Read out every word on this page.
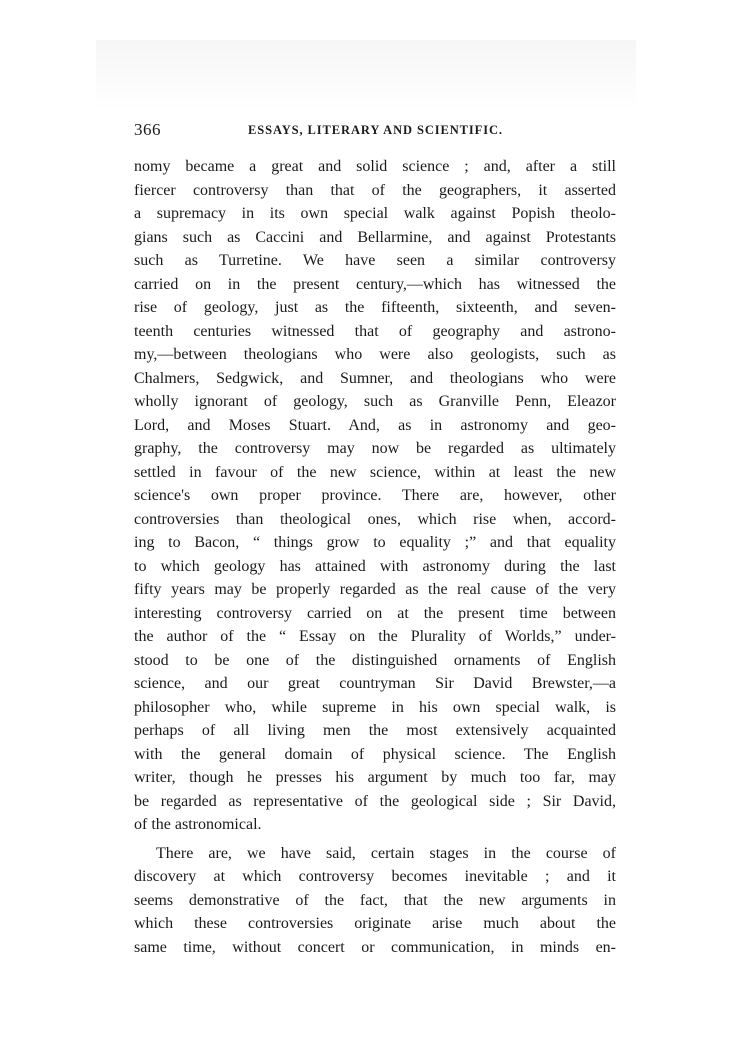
366	ESSAYS, LITERARY AND SCIENTIFIC.
nomy became a great and solid science ; and, after a still
fiercer controversy than that of the geographers, it asserted
a supremacy in its own special walk against Popish theolo-
gians such as Caccini and Bellarmine, and against Protestants
such as Turretine. We have seen a similar controversy
carried on in the present century,—which has witnessed the
rise of geology, just as the fifteenth, sixteenth, and seven-
teenth centuries witnessed that of geography and astrono-
my,—between theologians who were also geologists, such as
Chalmers, Sedgwick, and Sumner, and theologians who were
wholly ignorant of geology, such as Granville Penn, Eleazor
Lord, and Moses Stuart. And, as in astronomy and geo-
graphy, the controversy may now be regarded as ultimately
settled in favour of the new science, within at least the new
science's own proper province. There are, however, other
controversies than theological ones, which rise when, accord-
ing to Bacon, “ things grow to equality ;” and that equality
to which geology has attained with astronomy during the last
fifty years may be properly regarded as the real cause of the very
interesting controversy carried on at the present time between
the author of the “ Essay on the Plurality of Worlds,” under-
stood to be one of the distinguished ornaments of English
science, and our great countryman Sir David Brewster,—a
philosopher who, while supreme in his own special walk, is
perhaps of all living men the most extensively acquainted
with the general domain of physical science. The English
writer, though he presses his argument by much too far, may
be regarded as representative of the geological side ; Sir David,
of the astronomical.
There are, we have said, certain stages in the course of
discovery at which controversy becomes inevitable ; and it
seems demonstrative of the fact, that the new arguments in
which these controversies originate arise much about the
same time, without concert or communication, in minds en-
